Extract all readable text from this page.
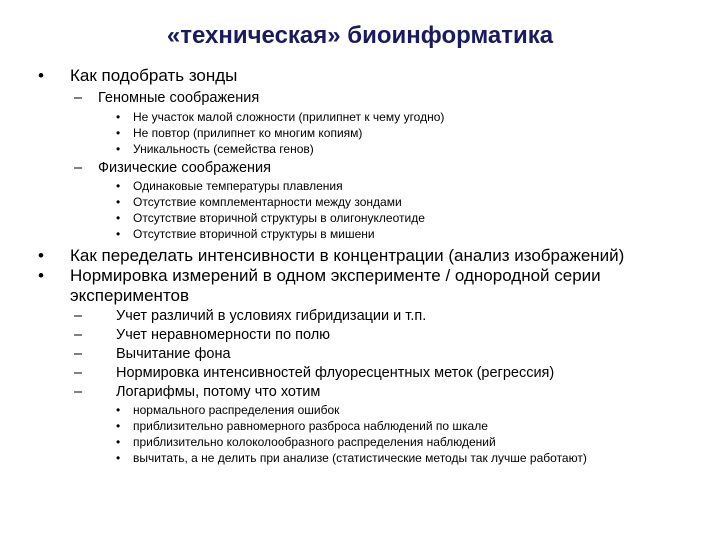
«техническая» биоинформатика
• Как подобрать зонды
– Геномные соображения
• Не участок малой сложности (прилипнет к чему угодно)
• Не повтор (прилипнет ко многим копиям)
• Уникальность (семейства генов)
– Физические соображения
• Одинаковые температуры плавления
• Отсутствие комплементарности между зондами
• Отсутствие вторичной структуры в олигонуклеотиде
• Отсутствие вторичной структуры в мишени
• Как переделать интенсивности в концентрации (анализ изображений)
• Нормировка измерений в одном эксперименте / однородной серии
экспериментов
– Учет различий в условиях гибридизации и т.п.
– Учет неравномерности по полю
– Вычитание фона
– Нормировка интенсивностей флуоресцентных меток (регрессия)
– Логарифмы, потому что хотим
• нормального распределения ошибок
• приблизительно равномерного разброса наблюдений по шкале
• приблизительно колоколообразного распределения наблюдений
• вычитать, а не делить при анализе (статистические методы так лучше работают)
